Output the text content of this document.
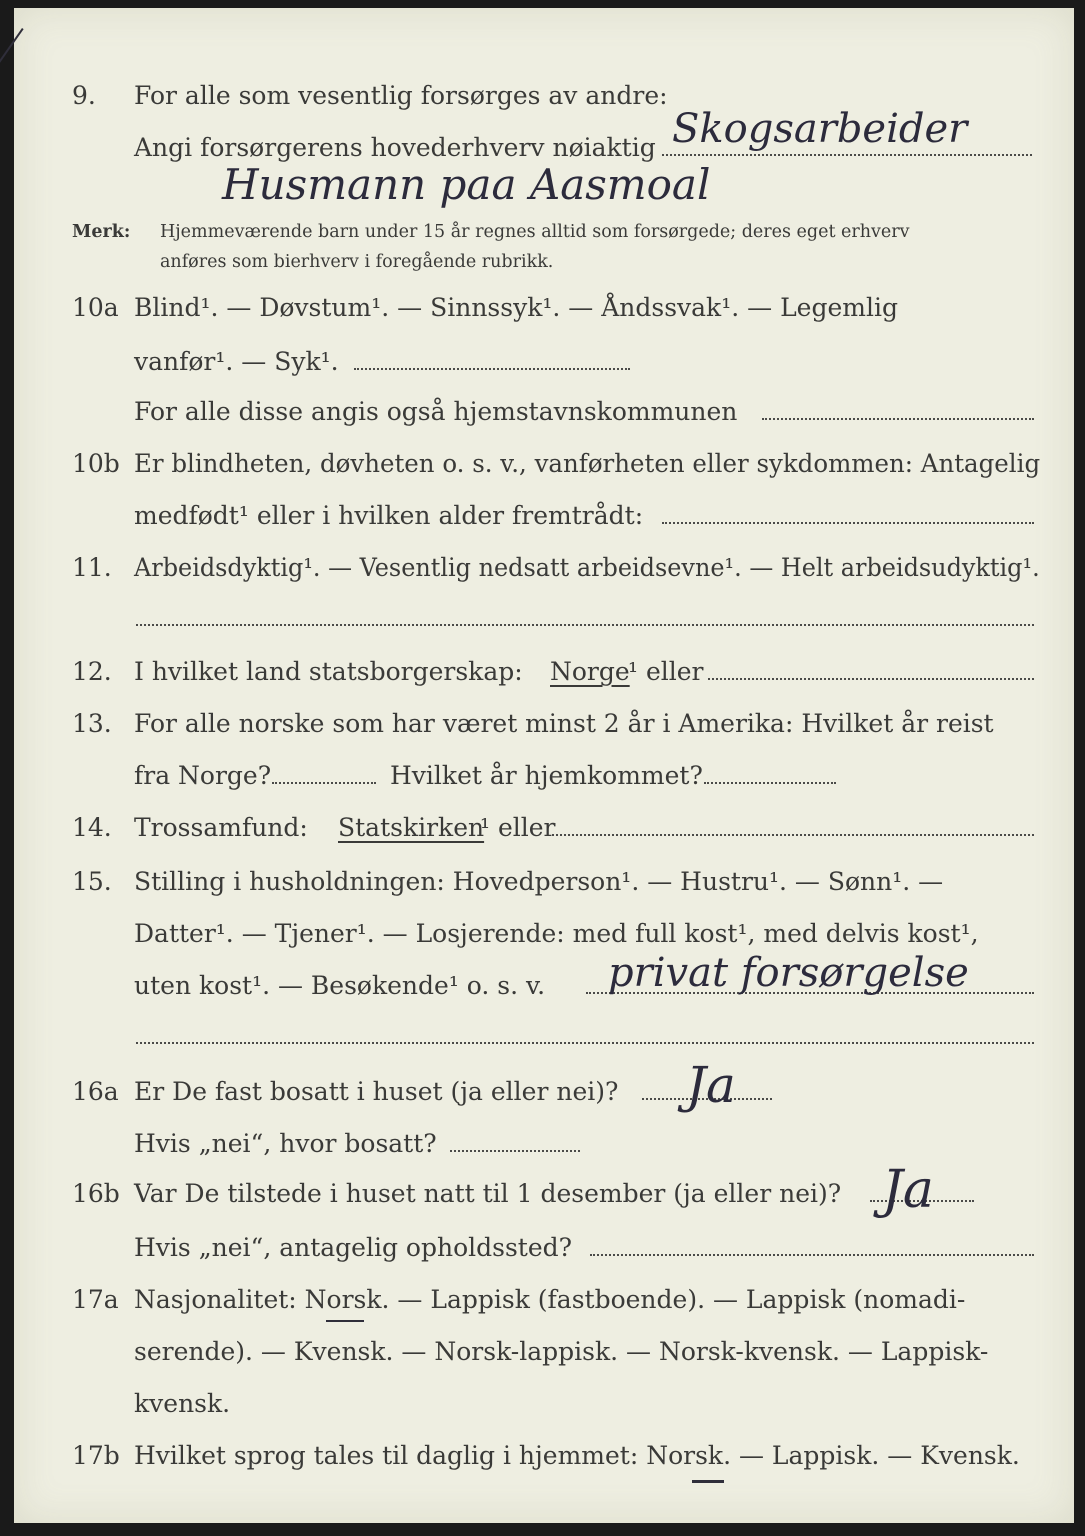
9. For alle som vesentlig forsørges av andre:
Angi forsørgerens hovederhverv nøiaktig Skogsarbeider
Husmann paa Aasmoal
Merk: Hjemmeværende barn under 15 år regnes alltid som forsørgede; deres eget erhverv
anføres som bierhverv i foregående rubrikk.
10a Blind¹. — Døvstum¹. — Sinnssyk¹. — Åndssvak¹. — Legemlig
vanfør¹. — Syk¹.
For alle disse angis også hjemstavnskommunen
10b Er blindheten, døvheten o. s. v., vanførheten eller sykdommen: Antagelig
medfødt¹ eller i hvilken alder fremtrådt:
11. Arbeidsdyktig¹. — Vesentlig nedsatt arbeidsevne¹. — Helt arbeidsudyktig¹.
12. I hvilket land statsborgerskap: Norge
¹ eller
13. For alle norske som har været minst 2 år i Amerika: Hvilket år reist
fra Norge?	Hvilket år hjemkommet?
14. Trossamfund: Statskirken
¹ eller
15. Stilling i husholdningen: Hovedperson¹. — Hustru¹. — Sønn¹. —
Datter¹. — Tjener¹. — Losjerende: med full kost¹, med delvis kost¹,
uten kost¹. — Besøkende¹ o. s. v. privat forsørgelse
16a Er De fast bosatt i huset (ja eller nei)? Ja
Hvis „nei“, hvor bosatt?
16b Var De tilstede i huset natt til 1 desember (ja eller nei)? Ja
Hvis „nei“, antagelig opholdssted?
17a Nasjonalitet: Norsk. — Lappisk (fastboende). — Lappisk (nomadi-
serende). — Kvensk. — Norsk-lappisk. — Norsk-kvensk. — Lappisk-
kvensk.
17b Hvilket sprog tales til daglig i hjemmet: Norsk. — Lappisk. — Kvensk.
